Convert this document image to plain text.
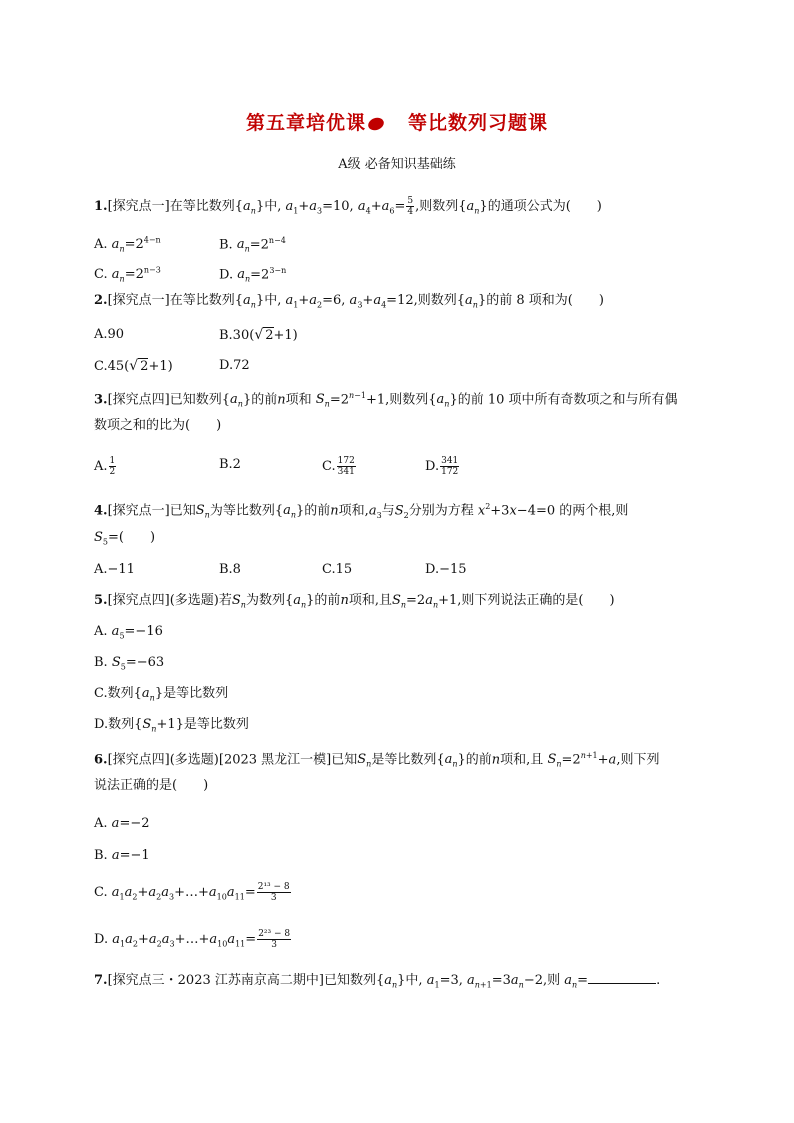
第五章培优课 等比数列习题课
A级 必备知识基础练
1.[探究点一]在等比数列$\{a_n\}$中, $a_1+a_3=10$, $a_4+a_6= \frac{5}{4}$ ,则数列$\{a_n\}$的通项公式为(　　)
A. $a_n=2^{4-n}$	B. $a_n=2^{n-4}$
C. $a_n=2^{n-3}$	D. $a_n=2^{3-n}$
2.[探究点一]在等比数列$\{a_n\}$中, $a_1+a_2=6$, $a_3+a_4=12$,则数列$\{a_n\}$的前 8 项和为(　　)
A.90	B.30(√ 2+1)
C.45(√ 2+1)	D.72
3.[探究点四]已知数列$\{a_n\}$的前n项和 $S_n=2^{n-1}+1$,则数列$\{a_n\}$的前 10 项中所有奇数项之和与所有偶
数项之和的比为(　　)
A. $\frac{1}{2}$	B.2	C. $\frac{172}{341}$	D. $\frac{341}{172}$
4.[探究点一]已知$S_n$为等比数列$\{a_n\}$的前n项和$,a_3$与$S_2$分别为方程 $x^2+3x-4=0$ 的两个根,则
$S_5=$(　　)
A.−11	B.8	C.15	D.−15
5.[探究点四](多选题)若$S_n$为数列$\{a_n\}$的前n项和,且$S_n=2a_n+1$,则下列说法正确的是(　　)
A. $a_5=-16$
B. $S_5=-63$
C.数列$\{a_n\}$是等比数列
D.数列$\{S_n+1\}$是等比数列
6.[探究点四](多选题)[2023 黑龙江一模]已知$S_n$是等比数列$\{a_n\}$的前n项和,且 $S_n=2^{n+1}+a$,则下列
说法正确的是(　　)
A. a=−2
B. a=−1
C. $a_1a_2+a_2a_3+\dots+a_{10}a_{11}= \frac{\text{2¹³ − 8}}{3}$
D. $a_1a_2+a_2a_3+\dots+a_{10}a_{11}= \frac{\text{2²³ − 8}}{3}$
7.[探究点三・2023 江苏南京高二期中]已知数列$\{a_n\}$中, $a_1=3$, $a_{n+1}=3a_n-2$,则 $a_n=$	.
